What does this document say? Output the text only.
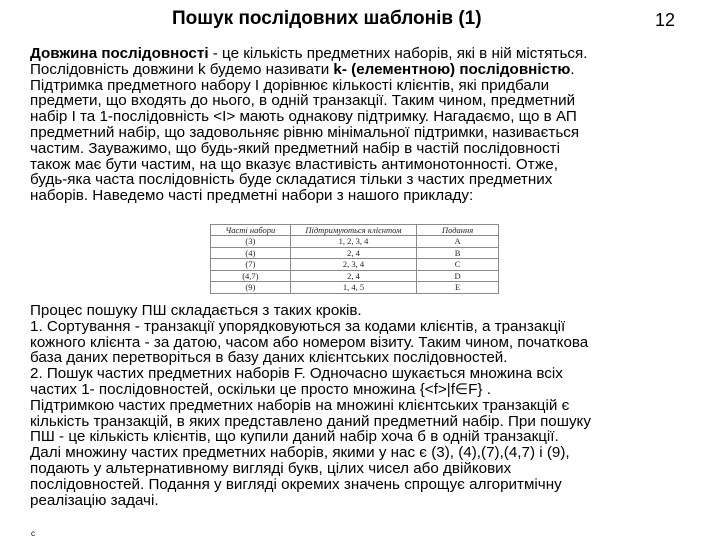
Пошук послідовних шаблонів (1)	12
Довжина послідовності - це кількість предметних наборів, які в ній містяться.
Послідовність довжини k будемо називати k- (елементною) послідовністю.
Підтримка предметного набору I дорівнює кількості клієнтів, які придбали
предмети, що входять до нього, в одній транзакції. Таким чином, предметний
набір I та 1-послідовність <I> мають однакову підтримку. Нагадаємо, що в АП
предметний набір, що задовольняє рівню мінімальної підтримки, називається
частим. Зауважимо, що будь-який предметний набір в частій послідовності
також має бути частим, на що вказує властивість антимонотонності. Отже,
будь-яка часта послідовність буде складатися тільки з частих предметних
наборів. Наведемо часті предметні набори з нашого прикладу:
Часті набори	Підтримуються клієнтом	Подання
(3)	1, 2, 3, 4	A
(4)	2, 4	B
(7)	2, 3, 4	C
(4,7)	2, 4	D
(9)	1, 4, 5	E
Процес пошуку ПШ складається з таких кроків.
1. Сортування - транзакції упорядковуються за кодами клієнтів, а транзакції
кожного клієнта - за датою, часом або номером візиту. Таким чином, початкова
база даних перетворіться в базу даних клієнтських послідовностей.
2. Пошук частих предметних наборів F. Одночасно шукається множина всіх
частих 1- послідовностей, оскільки це просто множина {<f>|f∈F} .
Підтримкою частих предметних наборів на множині клієнтських транзакцій є
кількість транзакцій, в яких представлено даний предметний набір. При пошуку
ПШ - це кількість клієнтів, що купили даний набір хоча б в одній транзакції.
Далі множину частих предметних наборів, якими у нас є (3), (4),(7),(4,7) і (9),
подають у альтернативному вигляді букв, цілих чисел або двійкових
послідовностей. Подання у вигляді окремих значень спрощує алгоритмічну
реалізацію задачі.
с
